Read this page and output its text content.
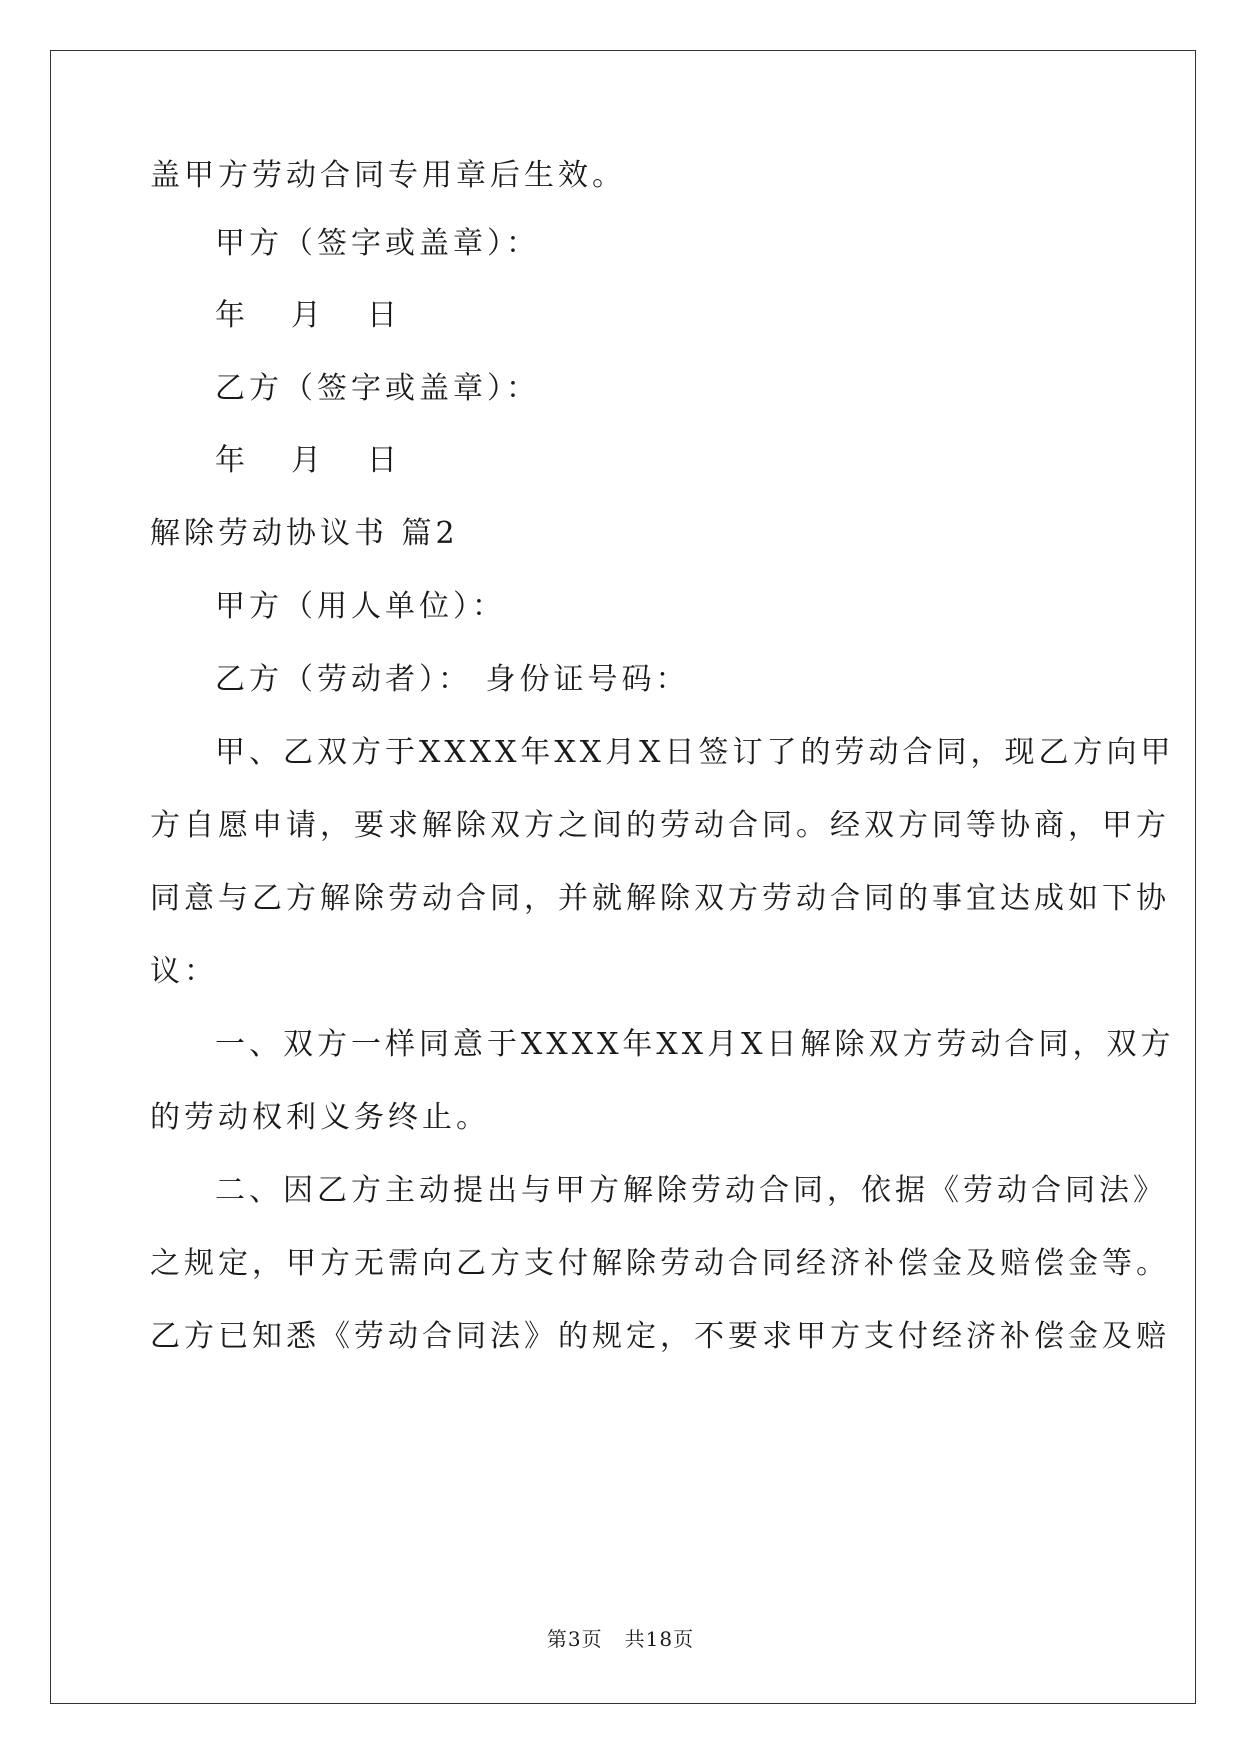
盖甲方劳动合同专用章后生效。

甲方（签字或盖章）：

年 月 日

乙方（签字或盖章）：

年 月 日

解除劳动协议书 篇2

甲方（用人单位）：

乙方（劳动者）： 身份证号码：

甲、乙双方于XXXX年XX月X日签订了的劳动合同，现乙方向甲

方自愿申请，要求解除双方之间的劳动合同。经双方同等协商，甲方

同意与乙方解除劳动合同，并就解除双方劳动合同的事宜达成如下协

议：

一、双方一样同意于XXXX年XX月X日解除双方劳动合同，双方

的劳动权利义务终止。

二、因乙方主动提出与甲方解除劳动合同，依据《劳动合同法》

之规定，甲方无需向乙方支付解除劳动合同经济补偿金及赔偿金等。

乙方已知悉《劳动合同法》的规定，不要求甲方支付经济补偿金及赔

第3页 共18页
